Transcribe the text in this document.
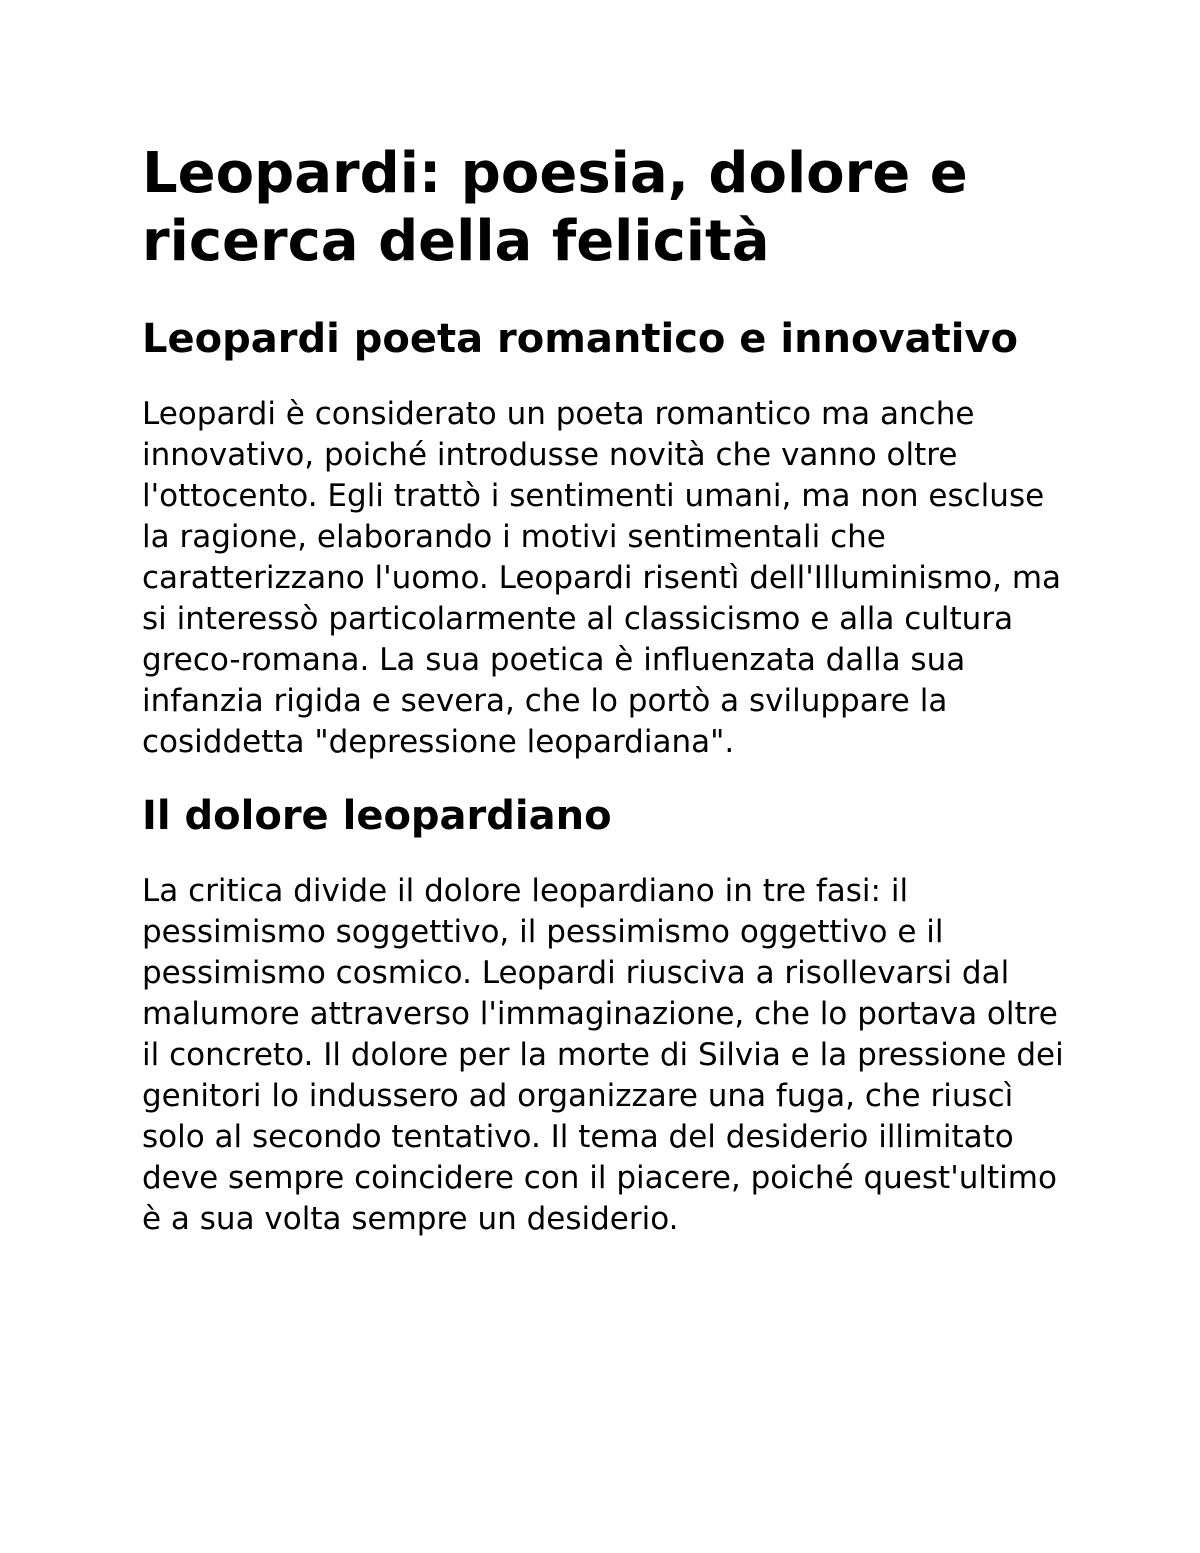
Leopardi: poesia, dolore e ricerca della felicità
Leopardi poeta romantico e innovativo

Leopardi è considerato un poeta romantico ma anche innovativo, poiché introdusse novità che vanno oltre l'ottocento. Egli trattò i sentimenti umani, ma non escluse la ragione, elaborando i motivi sentimentali che caratterizzano l'uomo. Leopardi risentì dell'Illuminismo, ma si interessò particolarmente al classicismo e alla cultura greco-romana. La sua poetica è influenzata dalla sua infanzia rigida e severa, che lo portò a sviluppare la cosiddetta "depressione leopardiana".

Il dolore leopardiano

La critica divide il dolore leopardiano in tre fasi: il pessimismo soggettivo, il pessimismo oggettivo e il pessimismo cosmico. Leopardi riusciva a risollevarsi dal malumore attraverso l'immaginazione, che lo portava oltre il concreto. Il dolore per la morte di Silvia e la pressione dei genitori lo indussero ad organizzare una fuga, che riuscì solo al secondo tentativo. Il tema del desiderio illimitato deve sempre coincidere con il piacere, poiché quest'ultimo è a sua volta sempre un desiderio.
